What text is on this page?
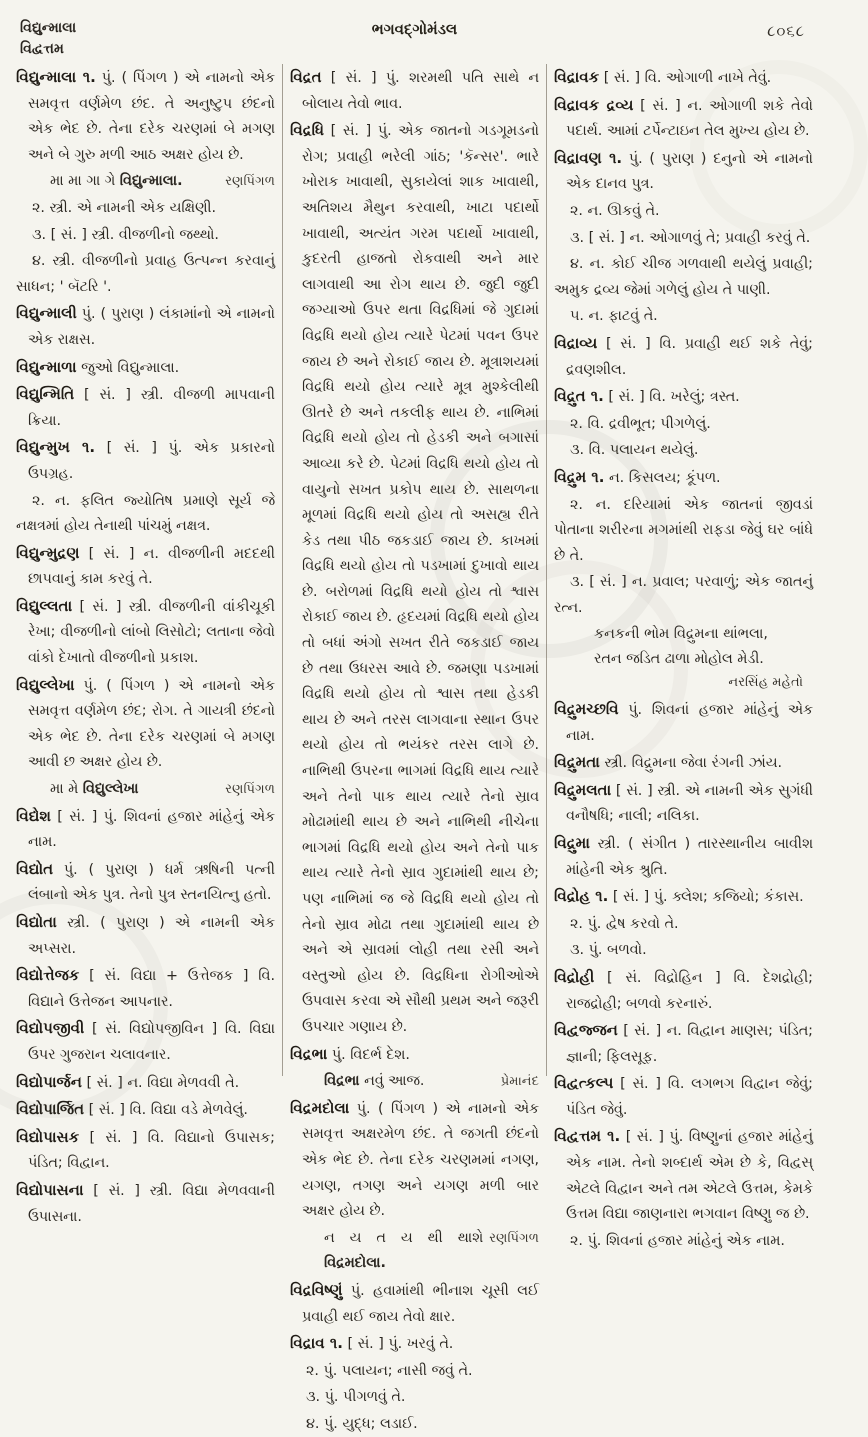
વિદ્યુન્માલા
વિદ્વત્તમ
ભગવદ્ગોમંડલ	૮૦૬૮

વિદ્યુન્માલા ૧. પું. ( પિંગળ ) એ નામનો એક સમવૃત્ત વર્ણમેળ છંદ. તે અનુષ્ટુપ છંદનો એક ભેદ છે. તેના દરેક ચરણમાં બે મગણ અને બે ગુરુ મળી આઠ અક્ષર હોય છે.

મા મા ગા ગે વિદ્યુન્માલા.	રણપિંગળ

૨. સ્ત્રી. એ નામની એક યક્ષિણી.

૩. [ સં. ] સ્ત્રી. વીજળીનો જથ્થો.

૪. સ્ત્રી. વીજળીનો પ્રવાહ ઉત્પન્ન કરવાનું સાધન; ' બૅટરિ '.

વિદ્યુન્માલી પું. ( પુરાણ ) લંકામાંનો એ નામનો એક રાક્ષસ.

વિદ્યુન્માળા જુઓ વિદ્યુન્માલા.

વિદ્યુન્મિતિ [ સં. ] સ્ત્રી. વીજળી માપવાની ક્રિયા.

વિદ્યુન્મુખ ૧. [ સં. ] પું. એક પ્રકારનો ઉપગ્રહ.

૨. ન. ફલિત જ્યોતિષ પ્રમાણે સૂર્ય જે નક્ષત્રમાં હોય તેનાથી પાંચમું નક્ષત્ર.

વિદ્યુન્મુદ્રણ [ સં. ] ન. વીજળીની મદદથી છાપવાનું કામ કરવું તે.

વિદ્યુલ્લતા [ સં. ] સ્ત્રી. વીજળીની વાંકીચૂકી રેખા; વીજળીનો લાંબો લિસોટો; લતાના જેવો વાંકો દેખાતો વીજળીનો પ્રકાશ.

વિદ્યુલ્લેખા પું. ( પિંગળ ) એ નામનો એક સમવૃત્ત વર્ણમેળ છંદ; રોગ. તે ગાયત્રી છંદનો એક ભેદ છે. તેના દરેક ચરણમાં બે મગણ આવી છ અક્ષર હોય છે.

મા મે વિદ્યુલ્લેખા	રણપિંગળ

વિદ્યેશ [ સં. ] પું. શિવનાં હજાર માંહેનું એક નામ.

વિદ્યોત પું. ( પુરાણ ) ધર્મ ઋષિની પત્ની લંબાનો એક પુત્ર. તેનો પુત્ર સ્તનયિત્નુ હતો.

વિદ્યોતા સ્ત્રી. ( પુરાણ ) એ નામની એક અપ્સરા.

વિદ્યોત્તેજક [ સં. વિદ્યા + ઉત્તેજક ] વિ. વિદ્યાને ઉત્તેજન આપનાર.

વિદ્યોપજીવી [ સં. વિદ્યોપજીવિન ] વિ. વિદ્યા ઉપર ગુજરાન ચલાવનાર.

વિદ્યોપાર્જન [ સં. ] ન. વિદ્યા મેળવવી તે.

વિદ્યોપાર્જિત [ સં. ] વિ. વિદ્યા વડે મેળવેલું.

વિદ્યોપાસક [ સં. ] વિ. વિદ્યાનો ઉપાસક; પંડિત; વિદ્વાન.

વિદ્યોપાસના [ સં. ] સ્ત્રી. વિદ્યા મેળવવાની ઉપાસના.

વિદ્રત [ સં. ] પું. શરમથી પતિ સાથે ન બોલાય તેવો ભાવ.

વિદ્રધિ [ સં. ] પું. એક જાતનો ગડગૂમડનો રોગ; પ્રવાહી ભરેલી ગાંઠ; 'કૅન્સર'. ભારે ખોરાક ખાવાથી, સુકાયેલાં શાક ખાવાથી, અતિશય મૈથુન કરવાથી, ખાટા પદાર્થો ખાવાથી, અત્યંત ગરમ પદાર્થો ખાવાથી, કુદરતી હાજતો રોકવાથી અને માર લાગવાથી આ રોગ થાય છે. જુદી જુદી જગ્યાઓ ઉપર થતા વિદ્રધિમાં જે ગુદામાં વિદ્રધિ થયો હોય ત્યારે પેટમાં પવન ઉપર જાય છે અને રોકાઈ જાય છે. મૂત્રાશયમાં વિદ્રધિ થયો હોય ત્યારે મૂત્ર મુશ્કેલીથી ઊતરે છે અને તકલીફ થાય છે. નાભિમાં વિદ્રધિ થયો હોય તો હેડકી અને બગાસાં આવ્યા કરે છે. પેટમાં વિદ્રધિ થયો હોય તો વાયુનો સખત પ્રકોપ થાય છે. સાથળના મૂળમાં વિદ્રધિ થયો હોય તો અસહ્ય રીતે કેડ તથા પીઠ જકડાઈ જાય છે. કાખમાં વિદ્રધિ થયો હોય તો પડખામાં દુખાવો થાય છે. બરોળમાં વિદ્રધિ થયો હોય તો શ્વાસ રોકાઈ જાય છે. હૃદયમાં વિદ્રધિ થયો હોય તો બધાં અંગો સખત રીતે જકડાઈ જાય છે તથા ઉધરસ આવે છે. જમણા પડખામાં વિદ્રધિ થયો હોય તો શ્વાસ તથા હેડકી થાય છે અને તરસ લાગવાના સ્થાન ઉપર થયો હોય તો ભયંકર તરસ લાગે છે. નાભિથી ઉપરના ભાગમાં વિદ્રધિ થાય ત્યારે અને તેનો પાક થાય ત્યારે તેનો સ્રાવ મોઢામાંથી થાય છે અને નાભિથી નીચેના ભાગમાં વિદ્રધિ થયો હોય અને તેનો પાક થાય ત્યારે તેનો સ્રાવ ગુદામાંથી થાય છે; પણ નાભિમાં જ જે વિદ્રધિ થયો હોય તો તેનો સ્રાવ મોઢા તથા ગુદામાંથી થાય છે અને એ સ્રાવમાં લોહી તથા રસી અને વસ્તુઓ હોય છે. વિદ્રધિના રોગીઓએ ઉપવાસ કરવા એ સૌથી પ્રથમ અને જરૂરી ઉપચાર ગણાય છે.

વિદ્રભા પું. વિદર્ભ દેશ.

વિદ્રભા નવું આજ.	પ્રેમાનંદ

વિદ્રમદોલા પું. ( પિંગળ ) એ નામનો એક સમવૃત્ત અક્ષરમેળ છંદ. તે જગતી છંદનો એક ભેદ છે. તેના દરેક ચરણમમાં નગણ, યગણ, તગણ અને યગણ મળી બાર અક્ષર હોય છે.

ન ય ત ય થી થાશે વિદ્રમદોલા.
રણપિંગળ

વિદ્રવિષ્ણું પું. હવામાંથી ભીનાશ ચૂસી લઈ પ્રવાહી થઈ જાય તેવો ક્ષાર.

વિદ્રાવ ૧. [ સં. ] પું. ખરવું તે.

૨. પું. પલાયન; નાસી જવું તે.

૩. પું. પીગળવું તે.

૪. પું. યુદ્ધ; લડાઈ.

વિદ્રાવક [ સં. ] વિ. ઓગાળી નાખે તેવું.

વિદ્રાવક દ્રવ્ય [ સં. ] ન. ઓગાળી શકે તેવો પદાર્થ. આમાં ટર્પેન્ટાઇન તેલ મુખ્ય હોય છે.

વિદ્રાવણ ૧. પું. ( પુરાણ ) દનુનો એ નામનો એક દાનવ પુત્ર.

૨. ન. ઊકવું તે.

૩. [ સં. ] ન. ઓગાળવું તે; પ્રવાહી કરવું તે.

૪. ન. કોઈ ચીજ ગળવાથી થયેલું પ્રવાહી; અમુક દ્રવ્ય જેમાં ગળેલું હોય તે પાણી.

૫. ન. ફાટવું તે.

વિદ્રાવ્ય [ સં. ] વિ. પ્રવાહી થઈ શકે તેવું; દ્રવણશીલ.

વિદ્રુત ૧. [ સં. ] વિ. ખરેલું; ત્રસ્ત.

૨. વિ. દ્રવીભૂત; પીગળેલું.

૩. વિ. પલાયન થયેલું.

વિદ્રુમ ૧. ન. કિસલય; કૂંપળ.

૨. ન. દરિયામાં એક જાતનાં જીવડાં પોતાના શરીરના મગમાંથી રાફડા જેવું ઘર બાંધે છે તે.

૩. [ સં. ] ન. પ્રવાલ; પરવાળું; એક જાતનું રત્ન.

કનકની ભોમ વિદ્રુમના થાંભલા,
રતન જડિત ઢાળા મોહોલ મેડી.
નરસિંહ મહેતો

વિદ્રુમચ્છવિ પું. શિવનાં હજાર માંહેનું એક નામ.

વિદ્રુમતા સ્ત્રી. વિદ્રુમના જેવા રંગની ઝાંય.

વિદ્રુમલતા [ સં. ] સ્ત્રી. એ નામની એક સુગંધી વનૌષધિ; નાલી; નલિકા.

વિદ્રુમા સ્ત્રી. ( સંગીત ) તારસ્થાનીય બાવીશ માંહેની એક શ્રુતિ.

વિદ્રોહ ૧. [ સં. ] પું. ક્લેશ; કજિયો; કંકાસ.

૨. પું. દ્વેષ કરવો તે.

૩. પું. બળવો.

વિદ્રોહી [ સં. વિદ્રોહિન ] વિ. દેશદ્રોહી; રાજદ્રોહી; બળવો કરનારું.

વિદ્વજ્જન [ સં. ] ન. વિદ્વાન માણસ; પંડિત; જ્ઞાની; ફિલસૂફ.

વિદ્વત્કલ્પ [ સં. ] વિ. લગભગ વિદ્વાન જેવું; પંડિત જેવું.

વિદ્વત્તમ ૧. [ સં. ] પું. વિષ્ણુનાં હજાર માંહેનું એક નામ. તેનો શબ્દાર્થ એમ છે કે, વિદ્વસ્ એટલે વિદ્વાન અને તમ એટલે ઉત્તમ, કેમકે ઉત્તમ વિદ્યા જાણનારા ભગવાન વિષ્ણુ જ છે.

૨. પું. શિવનાં હજાર માંહેનું એક નામ.
